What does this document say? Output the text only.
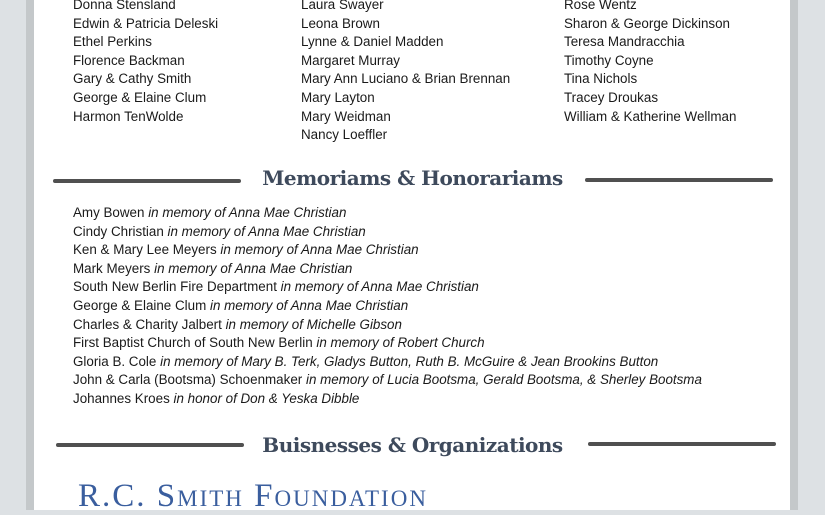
Donna Stensland
Edwin & Patricia Deleski
Ethel Perkins
Florence Backman
Gary & Cathy Smith
George & Elaine Clum
Harmon TenWolde
Laura Swayer
Leona Brown
Lynne & Daniel Madden
Margaret Murray
Mary Ann Luciano & Brian Brennan
Mary Layton
Mary Weidman
Nancy Loeffler
Rose Wentz
Sharon & George Dickinson
Teresa Mandracchia
Timothy Coyne
Tina Nichols
Tracey Droukas
William & Katherine Wellman
Memoriams & Honorariams
Amy Bowen in memory of Anna Mae Christian
Cindy Christian in memory of Anna Mae Christian
Ken & Mary Lee Meyers in memory of Anna Mae Christian
Mark Meyers in memory of Anna Mae Christian
South New Berlin Fire Department in memory of Anna Mae Christian
George & Elaine Clum in memory of Anna Mae Christian
Charles & Charity Jalbert in memory of Michelle Gibson
First Baptist Church of South New Berlin in memory of Robert Church
Gloria B. Cole in memory of Mary B. Terk, Gladys Button, Ruth B. McGuire & Jean Brookins Button
John & Carla (Bootsma) Schoenmaker in memory of Lucia Bootsma, Gerald Bootsma, & Sherley Bootsma
Johannes Kroes in honor of Don & Yeska Dibble
Buisnesses & Organizations
R.C. Smith Foundation
